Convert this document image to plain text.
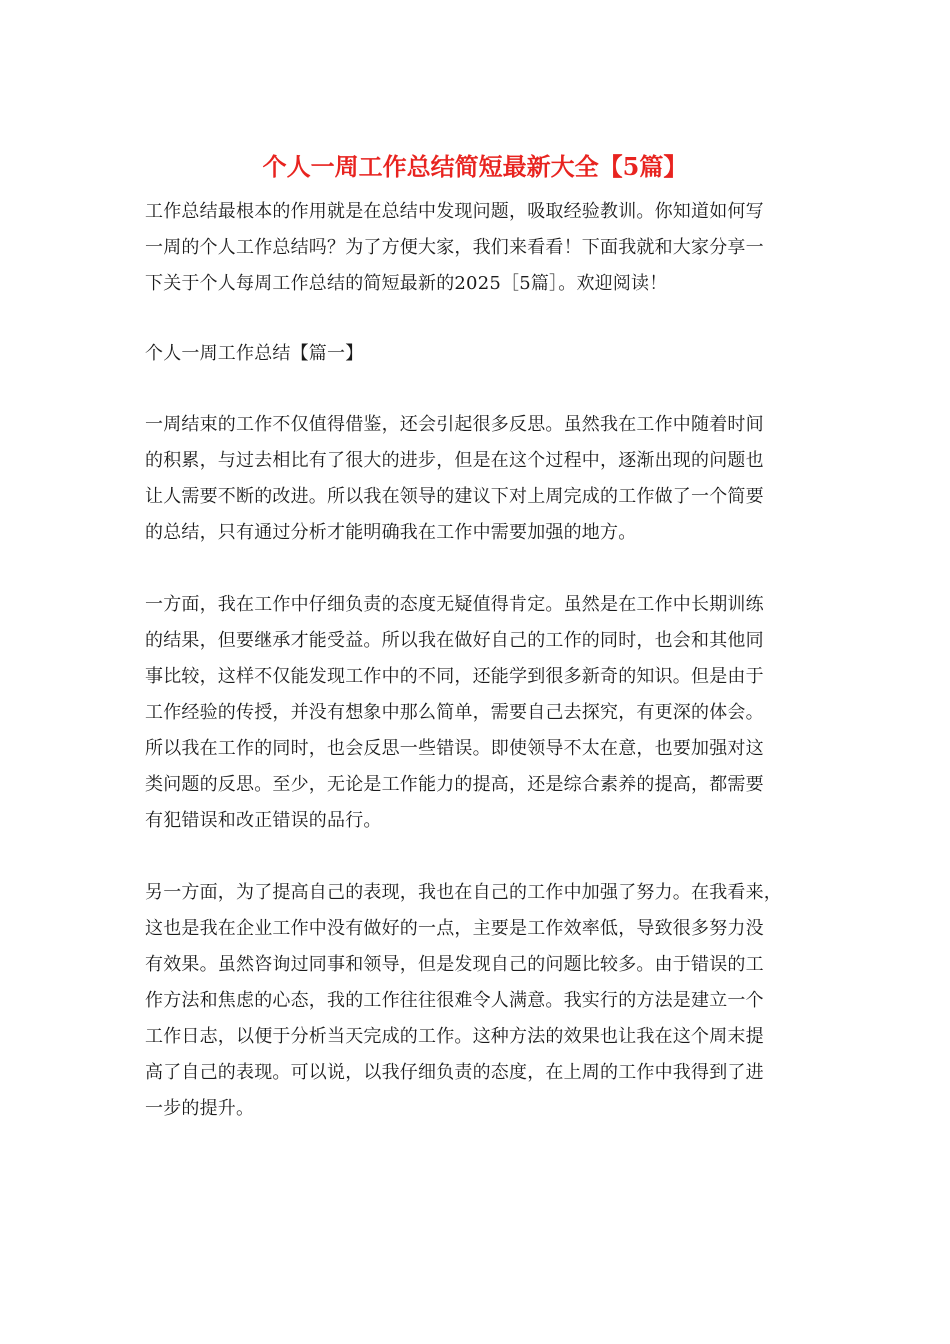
个人一周工作总结简短最新大全【5篇】
工作总结最根本的作用就是在总结中发现问题，吸取经验教训。你知道如何写
一周的个人工作总结吗？为了方便大家，我们来看看！下面我就和大家分享一
下关于个人每周工作总结的简短最新的2025［5篇］。欢迎阅读！
个人一周工作总结【篇一】
一周结束的工作不仅值得借鉴，还会引起很多反思。虽然我在工作中随着时间
的积累，与过去相比有了很大的进步，但是在这个过程中，逐渐出现的问题也
让人需要不断的改进。所以我在领导的建议下对上周完成的工作做了一个简要
的总结，只有通过分析才能明确我在工作中需要加强的地方。
一方面，我在工作中仔细负责的态度无疑值得肯定。虽然是在工作中长期训练
的结果，但要继承才能受益。所以我在做好自己的工作的同时，也会和其他同
事比较，这样不仅能发现工作中的不同，还能学到很多新奇的知识。但是由于
工作经验的传授，并没有想象中那么简单，需要自己去探究，有更深的体会。
所以我在工作的同时，也会反思一些错误。即使领导不太在意，也要加强对这
类问题的反思。至少，无论是工作能力的提高，还是综合素养的提高，都需要
有犯错误和改正错误的品行。
另一方面，为了提高自己的表现，我也在自己的工作中加强了努力。在我看来，
这也是我在企业工作中没有做好的一点，主要是工作效率低，导致很多努力没
有效果。虽然咨询过同事和领导，但是发现自己的问题比较多。由于错误的工
作方法和焦虑的心态，我的工作往往很难令人满意。我实行的方法是建立一个
工作日志，以便于分析当天完成的工作。这种方法的效果也让我在这个周末提
高了自己的表现。可以说，以我仔细负责的态度，在上周的工作中我得到了进
一步的提升。
